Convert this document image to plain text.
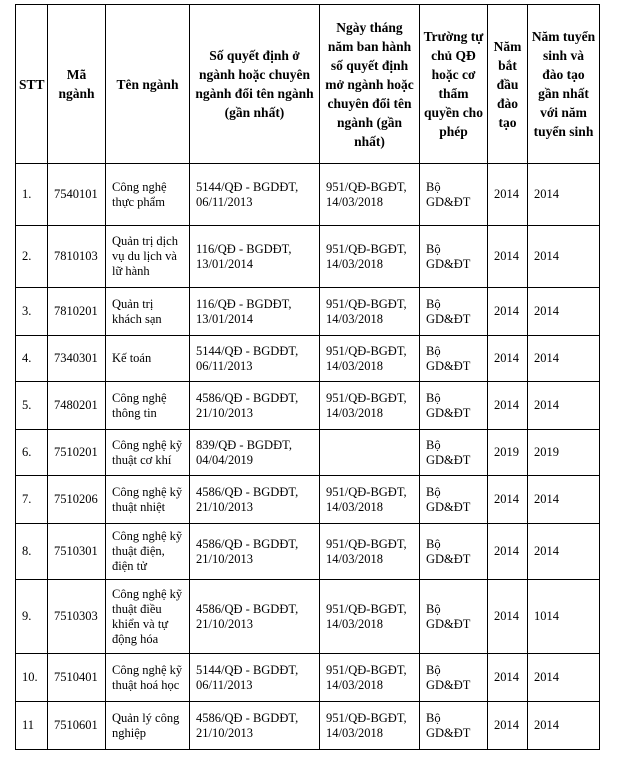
STT	Mã ngành	Tên ngành	Số quyết định ở ngành hoặc chuyên ngành đổi tên ngành (gần nhất)	Ngày tháng năm ban hành số quyết định mở ngành hoặc chuyên đổi tên ngành (gần nhất)	Trường tự chủ QĐ hoặc cơ thẩm quyền cho phép	Năm bắt đầu đào tạo	Năm tuyển sinh và đào tạo gần nhất với năm tuyển sinh
1.	7540101	Công nghệ thực phẩm	5144/QĐ - BGDĐT, 06/11/2013	951/QĐ-BGĐT, 14/03/2018	Bộ GD&ĐT	2014	2014
2.	7810103	Quản trị dịch vụ du lịch và lữ hành	116/QĐ - BGDĐT, 13/01/2014	951/QĐ-BGĐT, 14/03/2018	Bộ GD&ĐT	2014	2014
3.	7810201	Quản trị khách sạn	116/QĐ - BGDĐT, 13/01/2014	951/QĐ-BGĐT, 14/03/2018	Bộ GD&ĐT	2014	2014
4.	7340301	Kế toán	5144/QĐ - BGDĐT, 06/11/2013	951/QĐ-BGĐT, 14/03/2018	Bộ GD&ĐT	2014	2014
5.	7480201	Công nghệ thông tin	4586/QĐ - BGDĐT, 21/10/2013	951/QĐ-BGĐT, 14/03/2018	Bộ GD&ĐT	2014	2014
6.	7510201	Công nghệ kỹ thuật cơ khí	839/QĐ - BGDĐT, 04/04/2019		Bộ GD&ĐT	2019	2019
7.	7510206	Công nghệ kỹ thuật nhiệt	4586/QĐ - BGDĐT, 21/10/2013	951/QĐ-BGĐT, 14/03/2018	Bộ GD&ĐT	2014	2014
8.	7510301	Công nghệ kỹ thuật điện, điện tử	4586/QĐ - BGDĐT, 21/10/2013	951/QĐ-BGĐT, 14/03/2018	Bộ GD&ĐT	2014	2014
9.	7510303	Công nghệ kỹ thuật điều khiển và tự động hóa	4586/QĐ - BGDĐT, 21/10/2013	951/QĐ-BGĐT, 14/03/2018	Bộ GD&ĐT	2014	1014
10.	7510401	Công nghệ kỹ thuật hoá học	5144/QĐ - BGDĐT, 06/11/2013	951/QĐ-BGĐT, 14/03/2018	Bộ GD&ĐT	2014	2014
11	7510601	Quản lý công nghiệp	4586/QĐ - BGDĐT, 21/10/2013	951/QĐ-BGĐT, 14/03/2018	Bộ GD&ĐT	2014	2014
